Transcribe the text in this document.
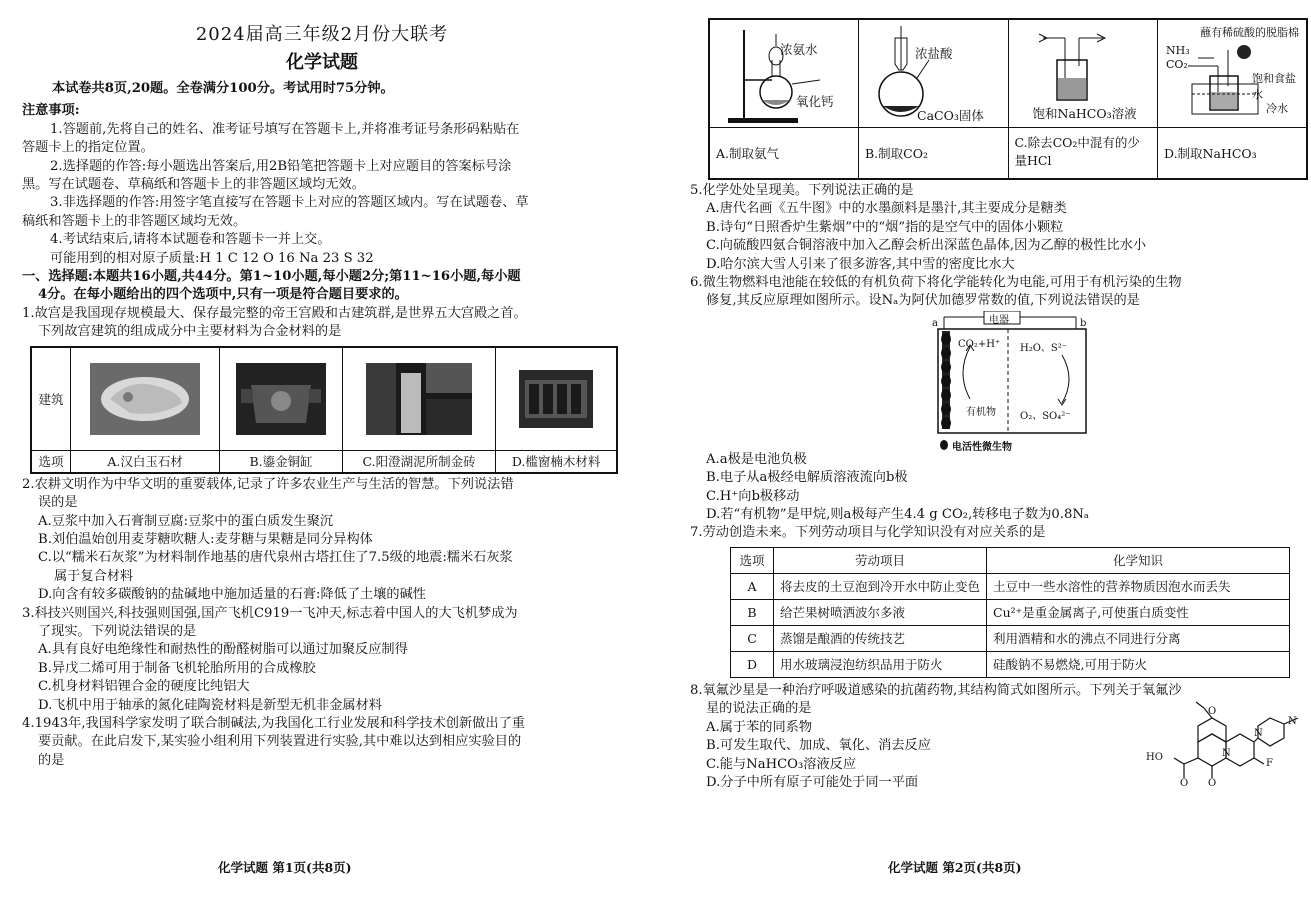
2024届高三年级2月份大联考
化学试题
本试卷共8页,20题。全卷满分100分。考试用时75分钟。
注意事项:
1.答题前,先将自己的姓名、准考证号填写在答题卡上,并将准考证号条形码粘贴在
答题卡上的指定位置。
2.选择题的作答:每小题选出答案后,用2B铅笔把答题卡上对应题目的答案标号涂
黑。写在试题卷、草稿纸和答题卡上的非答题区域均无效。
3.非选择题的作答:用签字笔直接写在答题卡上对应的答题区域内。写在试题卷、草
稿纸和答题卡上的非答题区域均无效。
4.考试结束后,请将本试题卷和答题卡一并上交。
可能用到的相对原子质量:H 1 C 12 O 16 Na 23 S 32
一、选择题:本题共16小题,共44分。第1~10小题,每小题2分;第11~16小题,每小题
4分。在每小题给出的四个选项中,只有一项是符合题目要求的。
1.故宫是我国现存规模最大、保存最完整的帝王宫殿和古建筑群,是世界五大宫殿之首。
下列故宫建筑的组成成分中主要材料为合金材料的是
建筑	

选项	A.汉白玉石材	B.鎏金铜缸	C.阳澄湖泥所制金砖	D.槛窗楠木材料
2.农耕文明作为中华文明的重要载体,记录了许多农业生产与生活的智慧。下列说法错
误的是
A.豆浆中加入石膏制豆腐:豆浆中的蛋白质发生聚沉
B.刘伯温始创用麦芽糖吹糖人:麦芽糖与果糖是同分异构体
C.以“糯米石灰浆”为材料制作地基的唐代泉州古塔扛住了7.5级的地震:糯米石灰浆
属于复合材料
D.向含有较多碳酸钠的盐碱地中施加适量的石膏:降低了土壤的碱性
3.科技兴则国兴,科技强则国强,国产飞机C919一飞冲天,标志着中国人的大飞机梦成为
了现实。下列说法错误的是
A.具有良好电绝缘性和耐热性的酚醛树脂可以通过加聚反应制得
B.异戊二烯可用于制备飞机轮胎所用的合成橡胶
C.机身材料铝锂合金的硬度比纯铝大
D.飞机中用于轴承的氮化硅陶瓷材料是新型无机非金属材料
4.1943年,我国科学家发明了联合制碱法,为我国化工行业发展和科学技术创新做出了重
要贡献。在此启发下,某实验小组利用下列装置进行实验,其中难以达到相应实验目的
的是
化学试题 第1页(共8页)
浓氨水
氧化钙	浓盐酸
CaCO₃固体	饱和NaHCO₃溶液	蘸有稀硫酸的脱脂棉
NH₃
CO₂
饱和食盐水
冷水

A.制取氨气	B.制取CO₂	C.除去CO₂中混有的少量HCl	D.制取NaHCO₃
5.化学处处呈现美。下列说法正确的是
A.唐代名画《五牛图》中的水墨颜料是墨汁,其主要成分是糖类
B.诗句“日照香炉生紫烟”中的“烟”指的是空气中的固体小颗粒
C.向硫酸四氨合铜溶液中加入乙醇会析出深蓝色晶体,因为乙醇的极性比水小
D.哈尔滨大雪人引来了很多游客,其中雪的密度比水大
6.微生物燃料电池能在较低的有机负荷下将化学能转化为电能,可用于有机污染的生物
修复,其反应原理如图所示。设Nₐ为阿伏加德罗常数的值,下列说法错误的是
a	b
电器
CO₂+H⁺
有机物
H₂O、S²⁻
O₂、SO₄²⁻
电活性微生物
A.a极是电池负极
B.电子从a极经电解质溶液流向b极
C.H⁺向b极移动
D.若“有机物”是甲烷,则a极每产生4.4 g CO₂,转移电子数为0.8Nₐ
7.劳动创造未来。下列劳动项目与化学知识没有对应关系的是
选项	劳动项目	化学知识
A	将去皮的土豆泡到冷开水中防止变色	土豆中一些水溶性的营养物质因泡水而丢失
B	给芒果树喷洒波尔多液	Cu²⁺是重金属离子,可使蛋白质变性
C	蒸馏是酿酒的传统技艺	利用酒精和水的沸点不同进行分离
D	用水玻璃浸泡纺织品用于防火	硅酸钠不易燃烧,可用于防火
8.氧氟沙星是一种治疗呼吸道感染的抗菌药物,其结构简式如图所示。下列关于氧氟沙
星的说法正确的是
A.属于苯的同系物
B.可发生取代、加成、氧化、消去反应
C.能与NaHCO₃溶液反应
D.分子中所有原子可能处于同一平面
HO
O O
O
F
N
N
N
化学试题 第2页(共8页)
